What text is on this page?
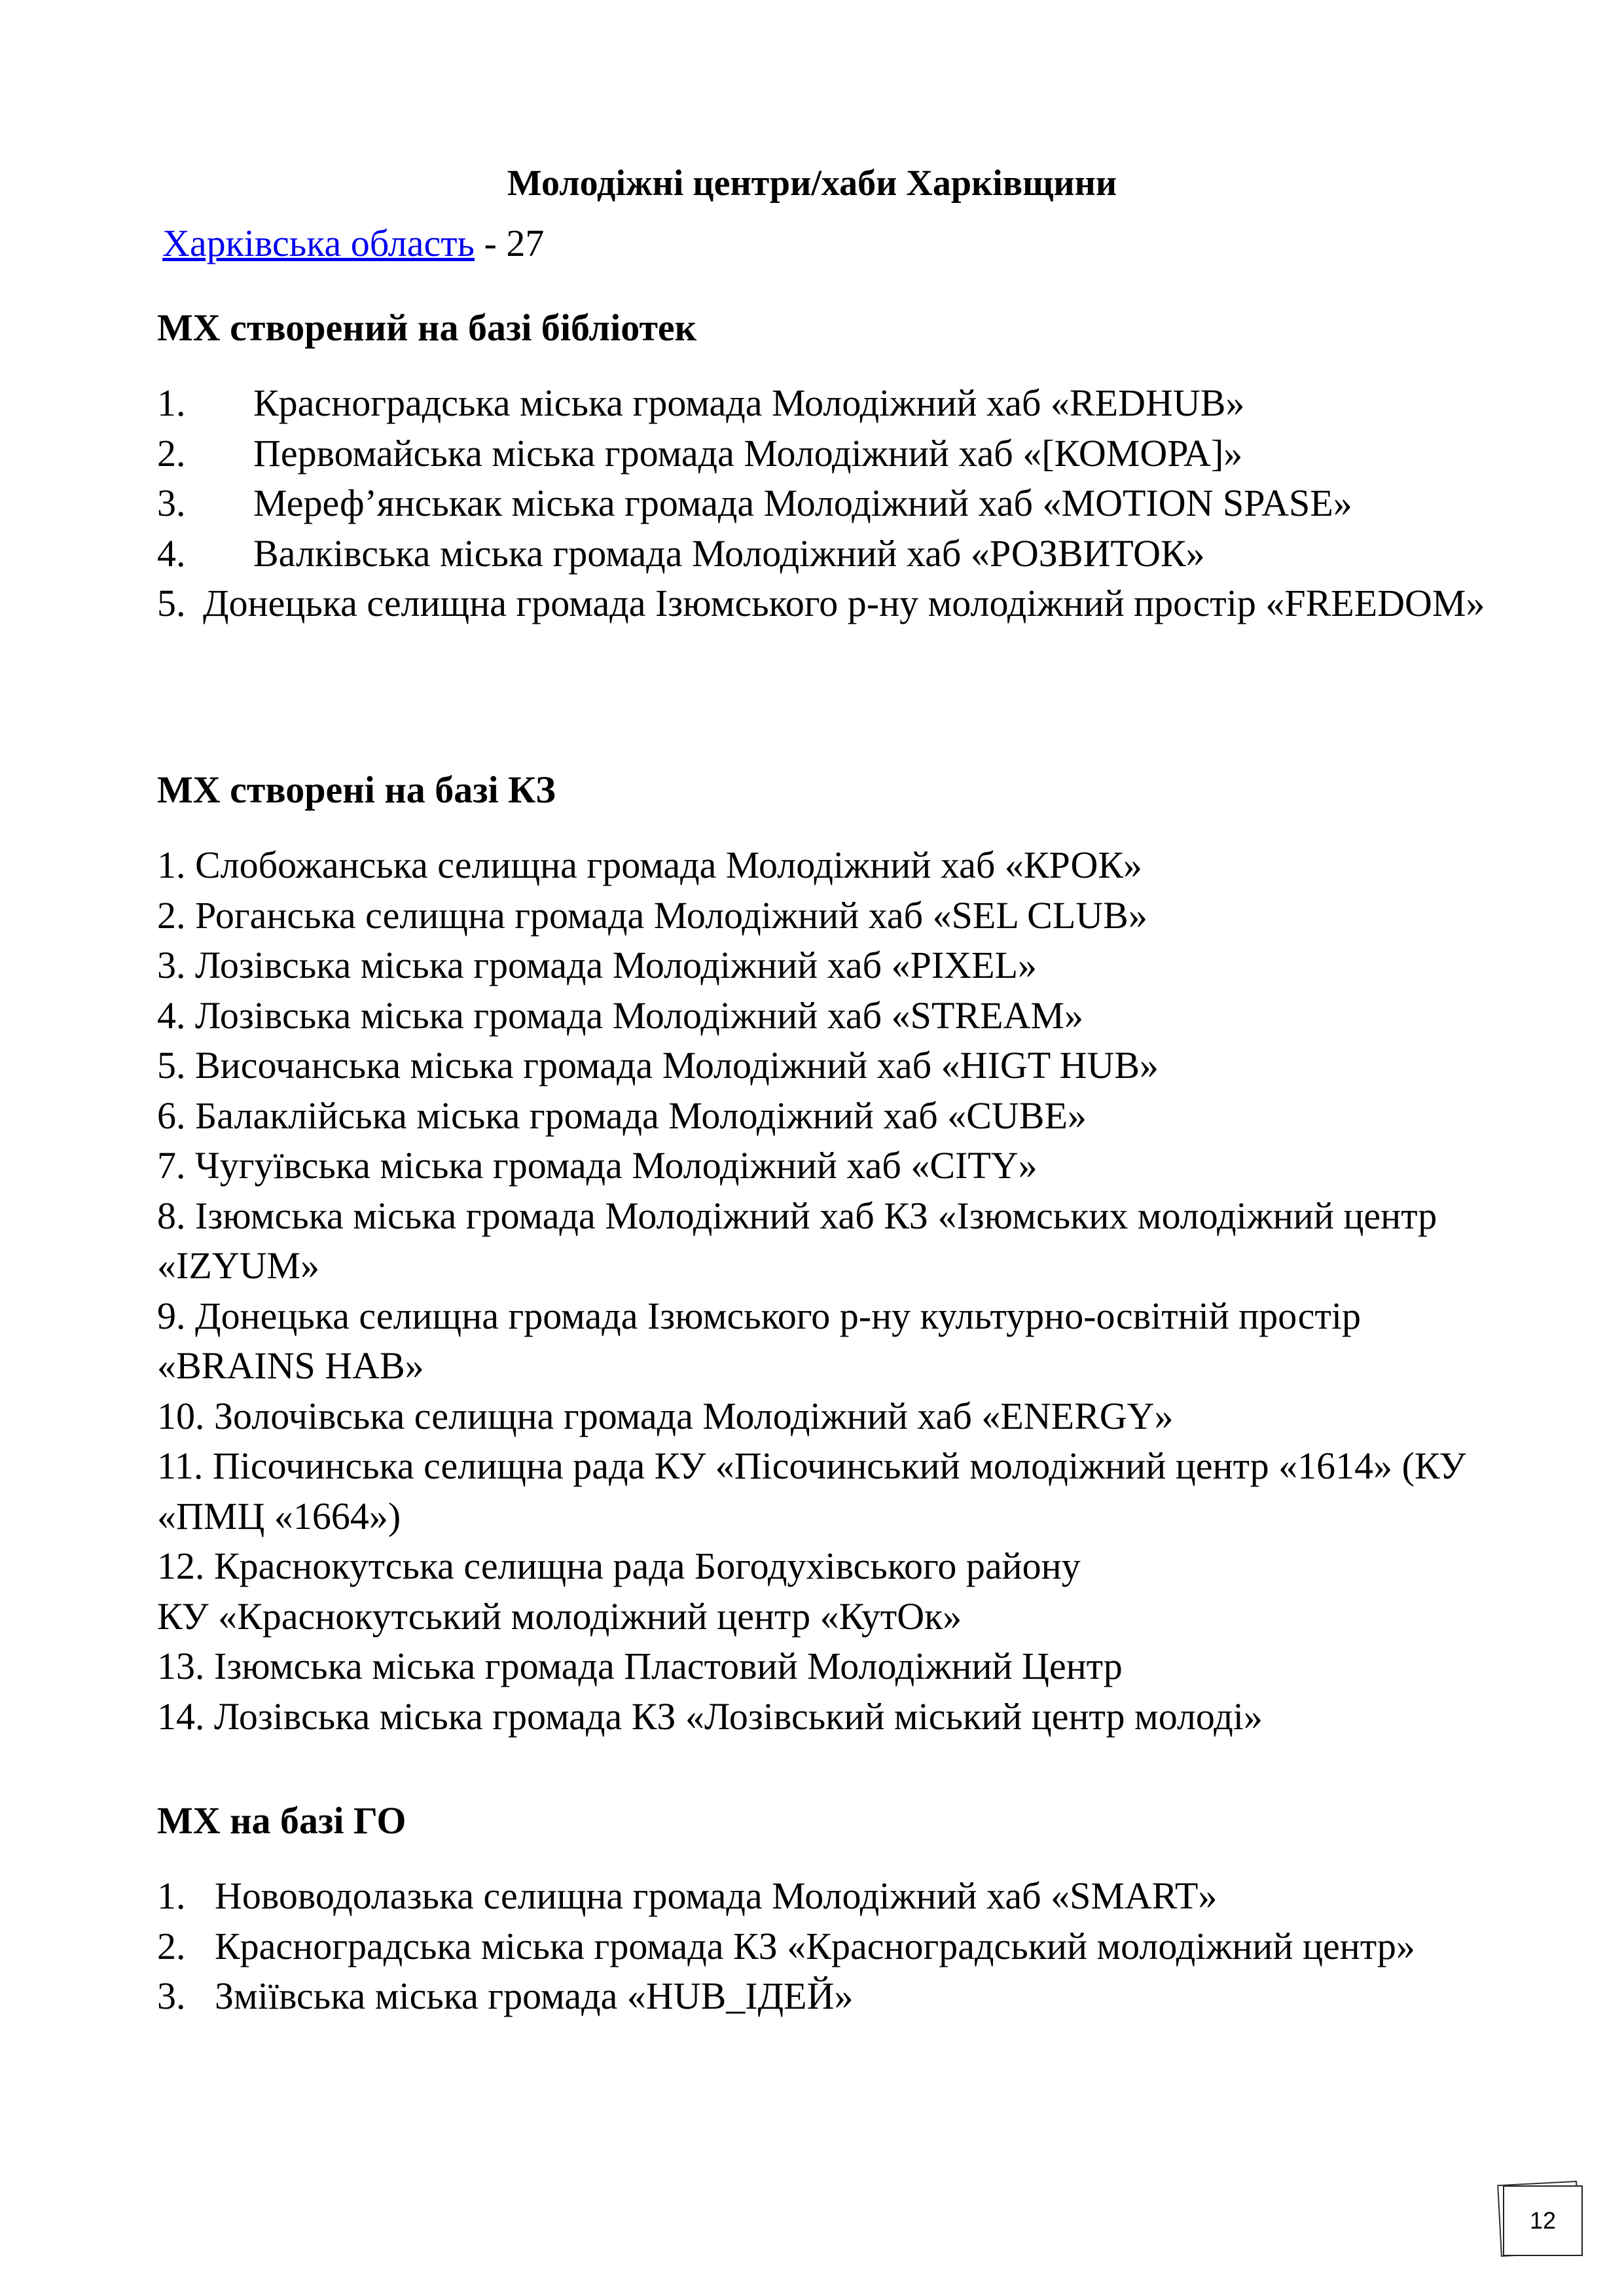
Молодіжні центри/хаби Харківщини
Харківська область - 27
МХ створений на базі бібліотек
1. Красноградська міська громада Молодіжний хаб «REDHUB»
2. Первомайська міська громада Молодіжний хаб «[КОМОРА]»
3. Мереф’янськак міська громада Молодіжний хаб «MOTION SPASE»
4. Валківська міська громада Молодіжний хаб «РОЗВИТОК»
5. Донецька селищна громада Ізюмського р-ну молодіжний простір «FREEDOM»
МХ створені на базі КЗ
1. Слобожанська селищна громада Молодіжний хаб «КРОК»
2. Роганська селищна громада Молодіжний хаб «SEL CLUB»
3. Лозівська міська громада Молодіжний хаб «PIXEL»
4. Лозівська міська громада Молодіжний хаб «STREAM»
5. Височанська міська громада Молодіжний хаб «HIGT HUB»
6. Балаклійська міська громада Молодіжний хаб «CUBE»
7. Чугуївська міська громада Молодіжний хаб «CITY»
8. Ізюмська міська громада Молодіжний хаб КЗ «Ізюмських молодіжний центр «IZYUM»
9. Донецька селищна громада Ізюмського р-ну культурно-освітній простір «BRAINS HAB»
10. Золочівська селищна громада Молодіжний хаб «ENERGY»
11. Пісочинська селищна рада КУ «Пісочинський молодіжний центр «1614» (КУ «ПМЦ «1664»)
12. Краснокутська селищна рада Богодухівського району
КУ «Краснокутський молодіжний центр «КутОк»
13. Ізюмська міська громада Пластовий Молодіжний Центр
14. Лозівська міська громада КЗ «Лозівський міський центр молоді»
МХ на базі ГО
1. Нововодолазька селищна громада Молодіжний хаб «SMART»
2. Красноградська міська громада КЗ «Красноградський молодіжний центр»
3. Зміївська міська громада «HUB_ІДЕЙ»
12
